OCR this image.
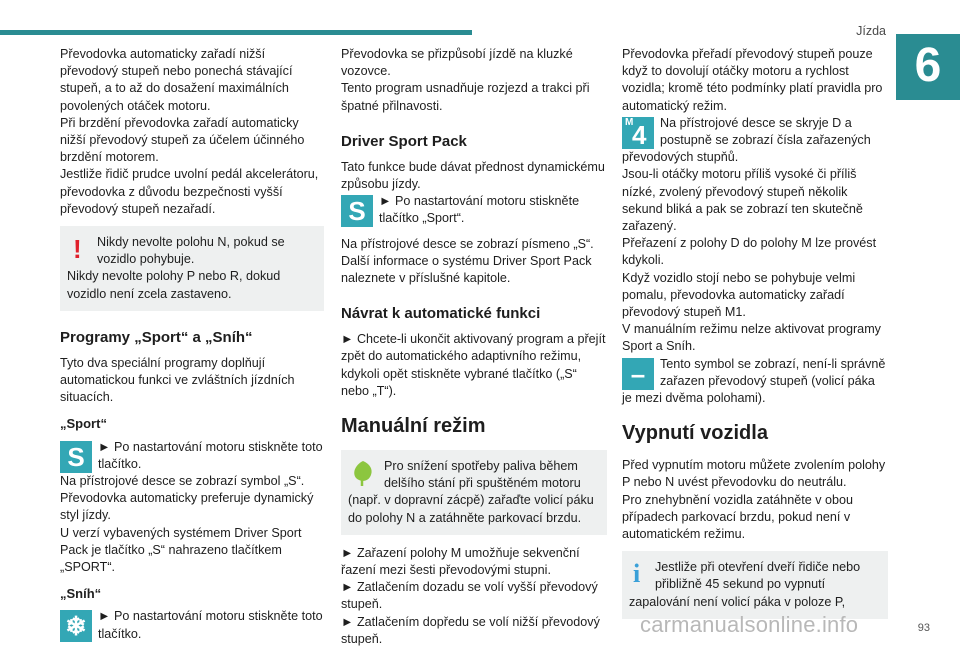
Jízda
6

Převodovka automaticky zařadí nižší převodový stupeň nebo ponechá stávající stupeň, a to až do dosažení maximálních povolených otáček motoru.

Při brzdění převodovka zařadí automaticky nižší převodový stupeň za účelem účinného brzdění motorem.

Jestliže řidič prudce uvolní pedál akcelerátoru, převodovka z důvodu bezpečnosti vyšší převodový stupeň nezařadí.

!	Nikdy nevolte polohu N, pokud se vozidlo pohybuje.
Nikdy nevolte polohy P nebo R, dokud vozidlo není zcela zastaveno.
Programy „Sport“ a „Sníh“

Tyto dva speciální programy doplňují automatickou funkci ve zvláštních jízdních situacích.

„Sport“
S	► Po nastartování motoru stiskněte toto tlačítko.

Na přístrojové desce se zobrazí symbol „S“.

Převodovka automaticky preferuje dynamický styl jízdy.

U verzí vybavených systémem Driver Sport Pack je tlačítko „S“ nahrazeno tlačítkem „SPORT“.

„Sníh“
❄ ► Po nastartování motoru stiskněte toto tlačítko.

Převodovka se přizpůsobí jízdě na kluzké vozovce.

Tento program usnadňuje rozjezd a trakci při špatné přilnavosti.

Driver Sport Pack

Tato funkce bude dávat přednost dynamickému způsobu jízdy.

S	► Po nastartování motoru stiskněte tlačítko „Sport“.

Na přístrojové desce se zobrazí písmeno „S“.

Další informace o systému Driver Sport Pack naleznete v příslušné kapitole.

Návrat k automatické funkci

► Chcete-li ukončit aktivovaný program a přejít zpět do automatického adaptivního režimu, kdykoli opět stiskněte vybrané tlačítko („S“ nebo „T“).

Manuální režim
Pro snížení spotřeby paliva během delšího stání při spuštěném motoru (např. v dopravní zácpě) zařaďte volicí páku do polohy N a zatáhněte parkovací brzdu.

► Zařazení polohy M umožňuje sekvenční řazení mezi šesti převodovými stupni.

► Zatlačením dozadu se volí vyšší převodový stupeň.

► Zatlačením dopředu se volí nižší převodový stupeň.

Převodovka přeřadí převodový stupeň pouze když to dovolují otáčky motoru a rychlost vozidla; kromě této podmínky platí pravidla pro automatický režim.

M
4 Na přístrojové desce se skryje D a postupně se zobrazí čísla zařazených převodových stupňů.

Jsou-li otáčky motoru příliš vysoké či příliš nízké, zvolený převodový stupeň několik sekund bliká a pak se zobrazí ten skutečně zařazený.

Přeřazení z polohy D do polohy M lze provést kdykoli.

Když vozidlo stojí nebo se pohybuje velmi pomalu, převodovka automaticky zařadí převodový stupeň M1.

V manuálním režimu nelze aktivovat programy Sport a Sníh.

–	Tento symbol se zobrazí, není-li správně zařazen převodový stupeň (volicí páka je mezi dvěma polohami).
Vypnutí vozidla

Před vypnutím motoru můžete zvolením polohy P nebo N uvést převodovku do neutrálu.

Pro znehybnění vozidla zatáhněte v obou případech parkovací brzdu, pokud není v automatickém režimu.

i	Jestliže při otevření dveří řidiče nebo přibližně 45 sekund po vypnutí zapalování není volicí páka v poloze P,
93
carmanualsonline.info
